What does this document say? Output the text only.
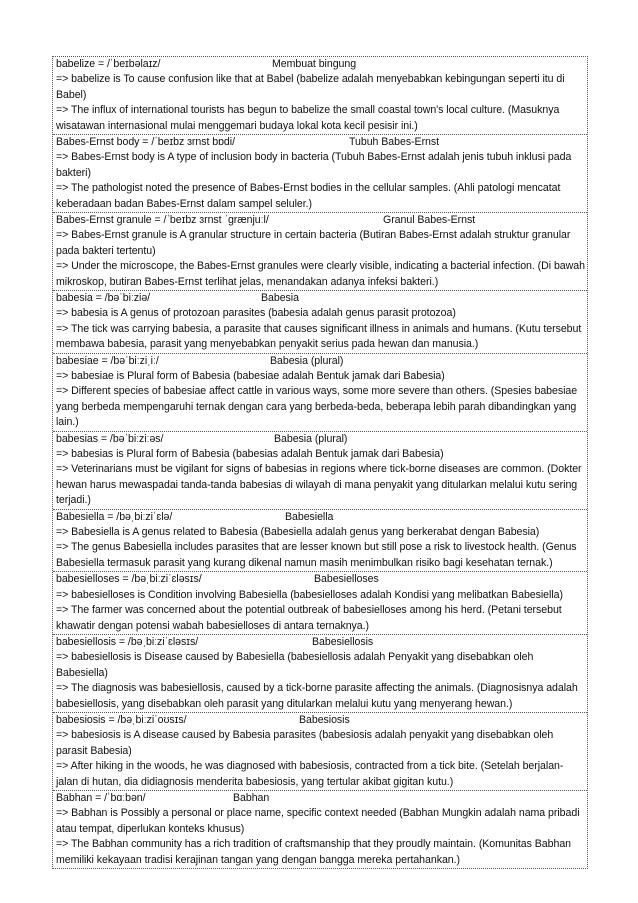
babelize = /ˈbeɪbəlaɪz/	Membuat bingung
=> babelize is To cause confusion like that at Babel (babelize adalah menyebabkan kebingungan seperti itu di Babel)
=> The influx of international tourists has begun to babelize the small coastal town's local culture. (Masuknya wisatawan internasional mulai menggemari budaya lokal kota kecil pesisir ini.)
Babes-Ernst body = /ˈbeɪbz ɜrnst bɒdi/	Tubuh Babes-Ernst
=> Babes-Ernst body is A type of inclusion body in bacteria (Tubuh Babes-Ernst adalah jenis tubuh inklusi pada bakteri)
=> The pathologist noted the presence of Babes-Ernst bodies in the cellular samples. (Ahli patologi mencatat keberadaan badan Babes-Ernst dalam sampel seluler.)
Babes-Ernst granule = /ˈbeɪbz ɜrnst ˈɡrænjuːl/	Granul Babes-Ernst
=> Babes-Ernst granule is A granular structure in certain bacteria (Butiran Babes-Ernst adalah struktur granular pada bakteri tertentu)
=> Under the microscope, the Babes-Ernst granules were clearly visible, indicating a bacterial infection. (Di bawah mikroskop, butiran Babes-Ernst terlihat jelas, menandakan adanya infeksi bakteri.)
babesia = /bəˈbiːziə/	Babesia
=> babesia is A genus of protozoan parasites (babesia adalah genus parasit protozoa)
=> The tick was carrying babesia, a parasite that causes significant illness in animals and humans. (Kutu tersebut membawa babesia, parasit yang menyebabkan penyakit serius pada hewan dan manusia.)
babesiae = /bəˈbiːziˌiː/	Babesia (plural)
=> babesiae is Plural form of Babesia (babesiae adalah Bentuk jamak dari Babesia)
=> Different species of babesiae affect cattle in various ways, some more severe than others. (Spesies babesiae yang berbeda mempengaruhi ternak dengan cara yang berbeda-beda, beberapa lebih parah dibandingkan yang lain.)
babesias = /bəˈbiːziːəs/	Babesia (plural)
=> babesias is Plural form of Babesia (babesias adalah Bentuk jamak dari Babesia)
=> Veterinarians must be vigilant for signs of babesias in regions where tick-borne diseases are common. (Dokter hewan harus mewaspadai tanda-tanda babesias di wilayah di mana penyakit yang ditularkan melalui kutu sering terjadi.)
Babesiella = /bəˌbiːziˈɛlə/	Babesiella
=> Babesiella is A genus related to Babesia (Babesiella adalah genus yang berkerabat dengan Babesia)
=> The genus Babesiella includes parasites that are lesser known but still pose a risk to livestock health. (Genus Babesiella termasuk parasit yang kurang dikenal namun masih menimbulkan risiko bagi kesehatan ternak.)
babesielloses = /bəˌbiːziˈɛləsɪs/	Babesielloses
=> babesielloses is Condition involving Babesiella (babesielloses adalah Kondisi yang melibatkan Babesiella)
=> The farmer was concerned about the potential outbreak of babesielloses among his herd. (Petani tersebut khawatir dengan potensi wabah babesielloses di antara ternaknya.)
babesiellosis = /bəˌbiːziˈɛləsɪs/	Babesiellosis
=> babesiellosis is Disease caused by Babesiella (babesiellosis adalah Penyakit yang disebabkan oleh Babesiella)
=> The diagnosis was babesiellosis, caused by a tick-borne parasite affecting the animals. (Diagnosisnya adalah babesiellosis, yang disebabkan oleh parasit yang ditularkan melalui kutu yang menyerang hewan.)
babesiosis = /bəˌbiːziˈoʊsɪs/	Babesiosis
=> babesiosis is A disease caused by Babesia parasites (babesiosis adalah penyakit yang disebabkan oleh parasit Babesia)
=> After hiking in the woods, he was diagnosed with babesiosis, contracted from a tick bite. (Setelah berjalan-jalan di hutan, dia didiagnosis menderita babesiosis, yang tertular akibat gigitan kutu.)
Babhan = /ˈbɑːbən/	Babhan
=> Babhan is Possibly a personal or place name, specific context needed (Babhan Mungkin adalah nama pribadi atau tempat, diperlukan konteks khusus)
=> The Babhan community has a rich tradition of craftsmanship that they proudly maintain. (Komunitas Babhan memiliki kekayaan tradisi kerajinan tangan yang dengan bangga mereka pertahankan.)
